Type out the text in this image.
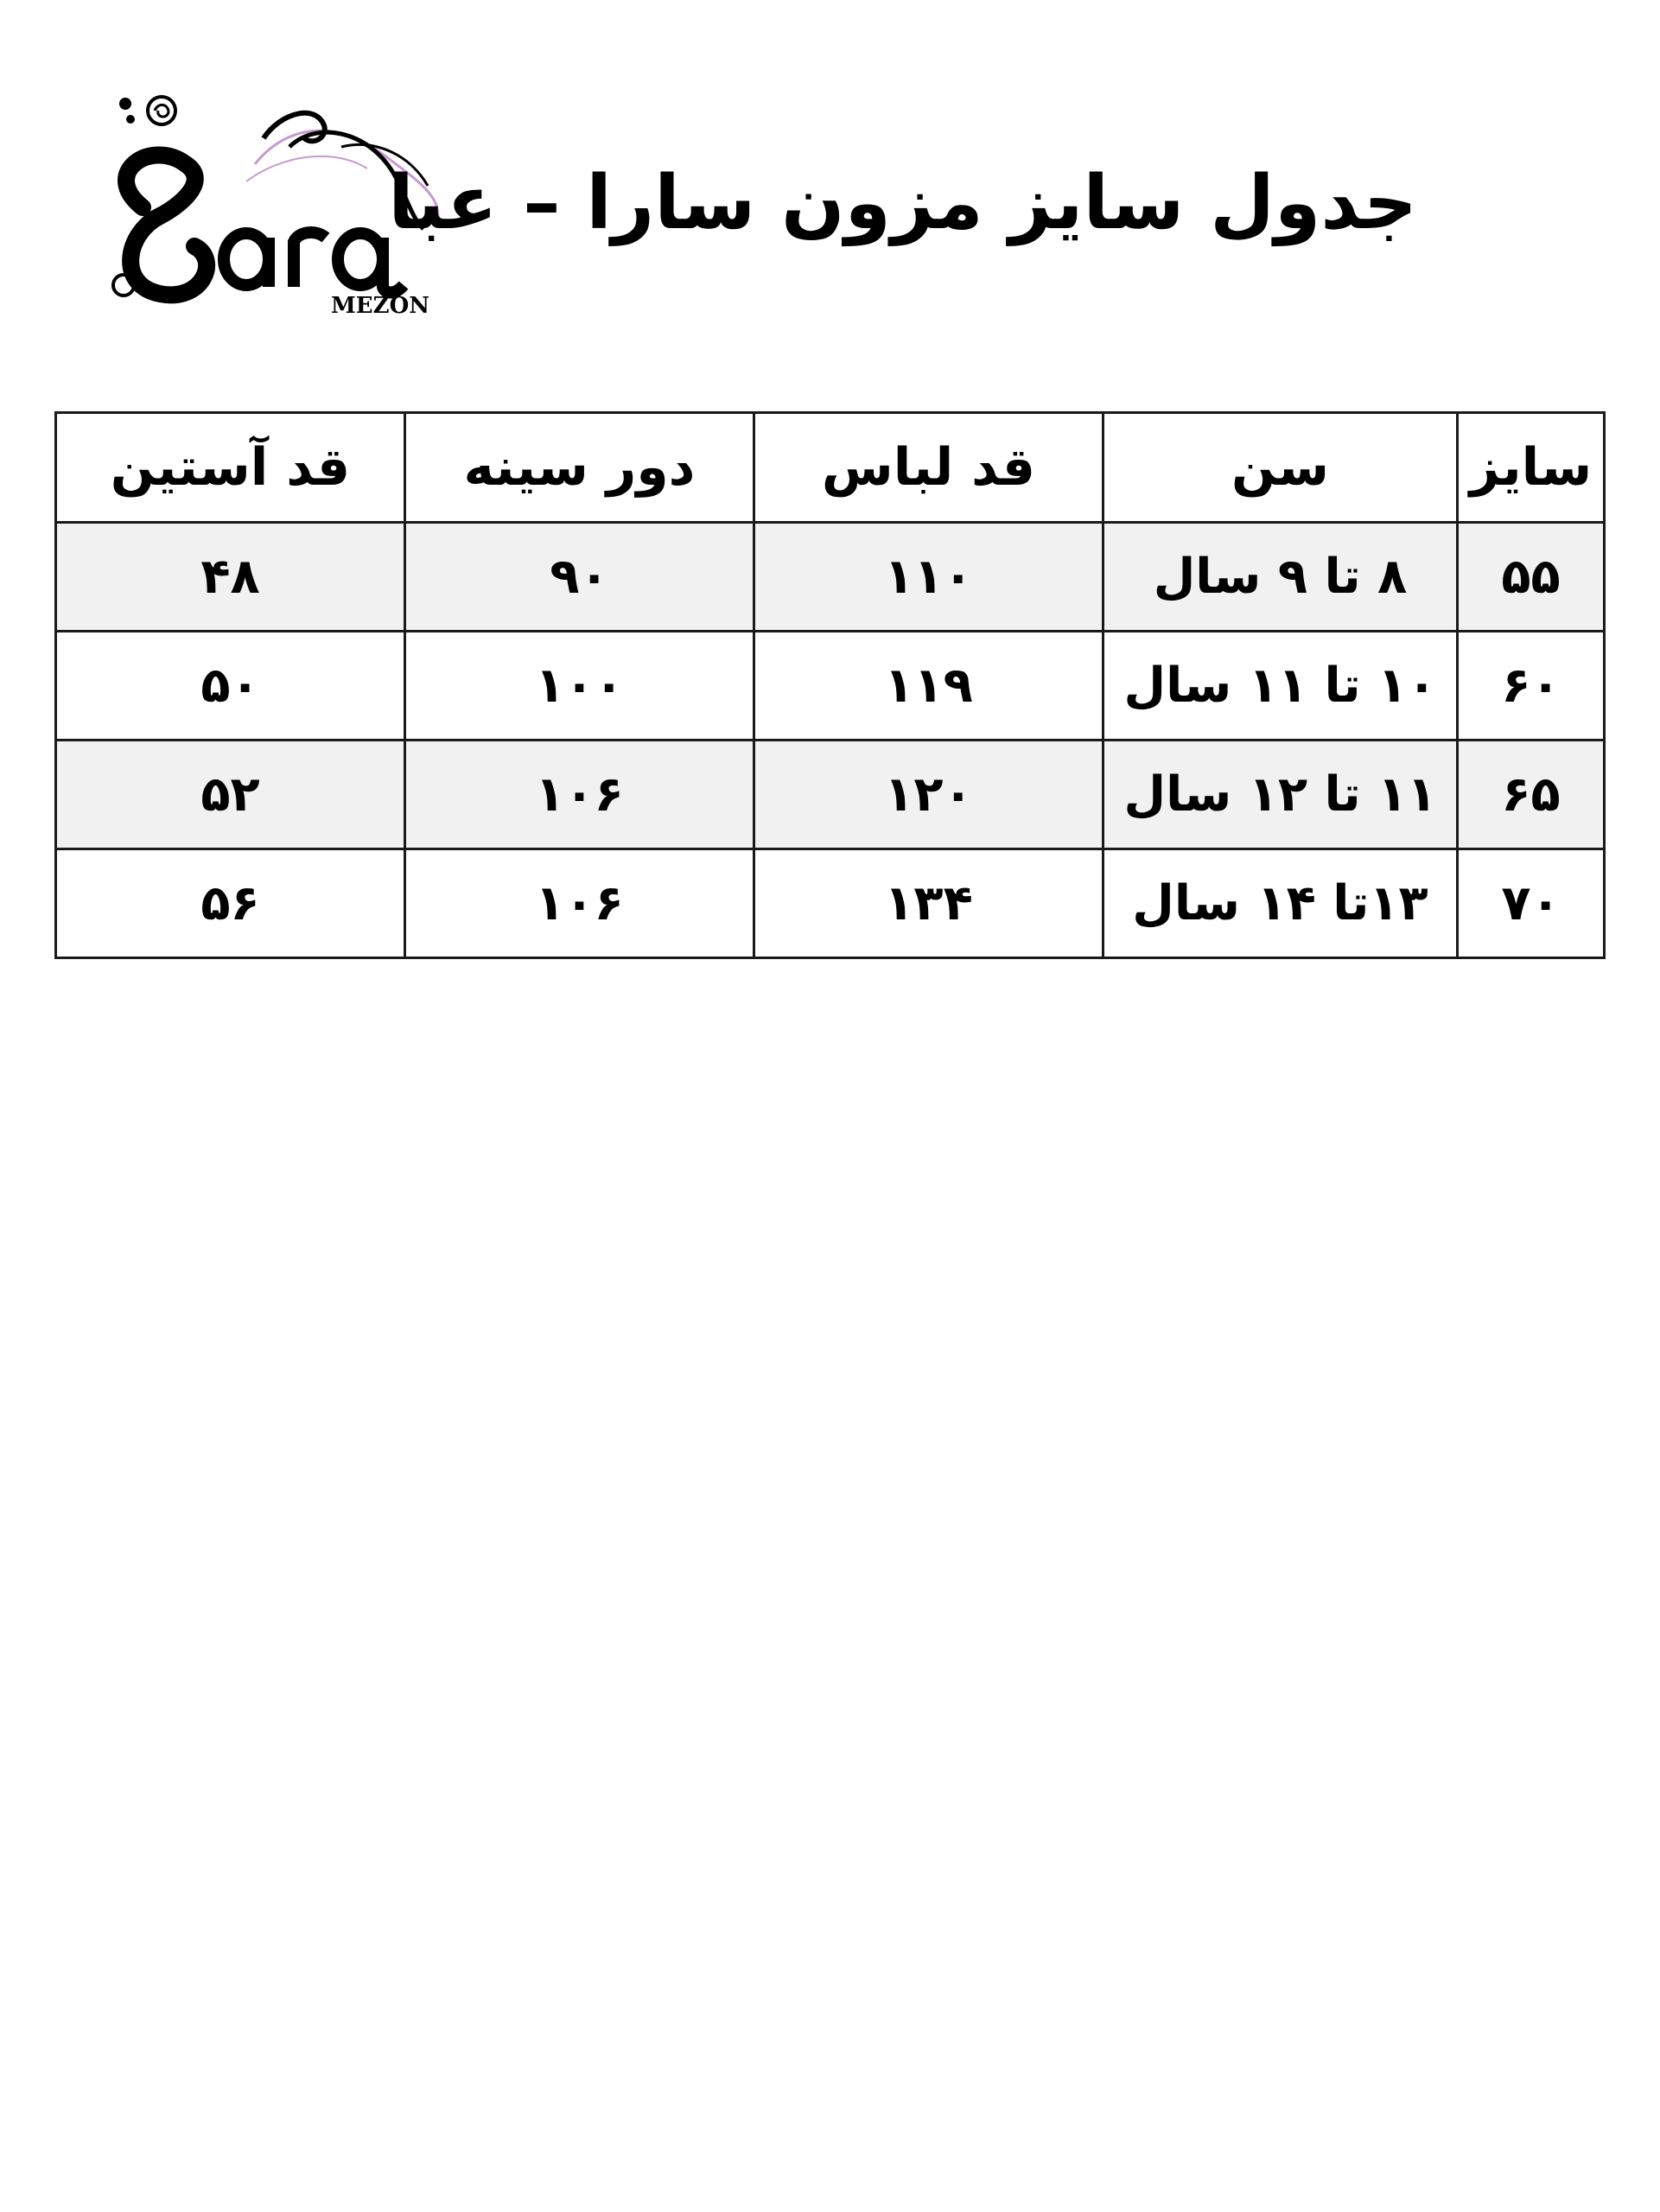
MEZON
جدول سایز مزون سارا – عبا
سایز	سن	قد لباس	دور سینه	قد آستین
۵۵	۸ تا ۹ سال	۱۱۰	۹۰	۴۸
۶۰	۱۰ تا ۱۱ سال	۱۱۹	۱۰۰	۵۰
۶۵	۱۱ تا ۱۲ سال	۱۲۰	۱۰۶	۵۲
۷۰	۱۳تا ۱۴ سال	۱۳۴	۱۰۶	۵۶
